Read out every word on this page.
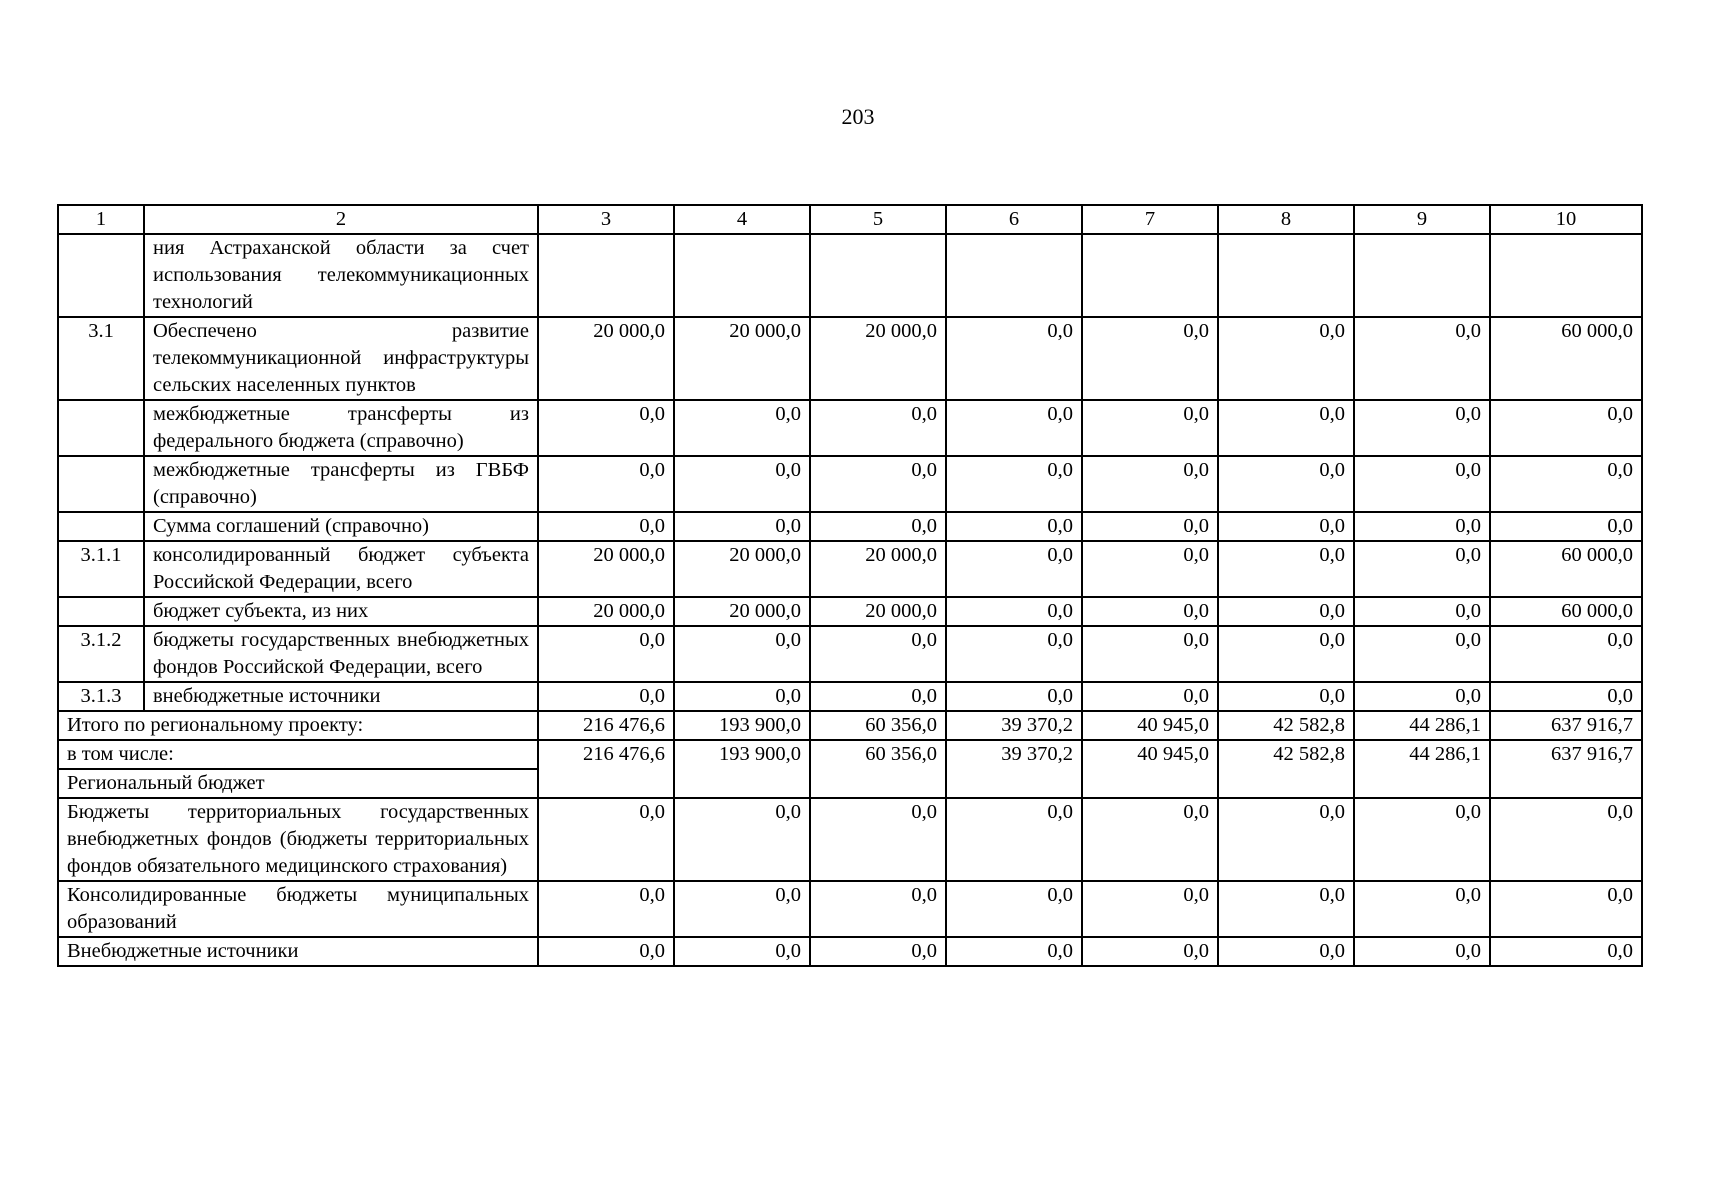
203
1	2	3	4	5	6	7	8	9	10
	ния Астраханской области за счет использования телекоммуникационных технологий								
3.1	Обеспечено развитие телекоммуникационной инфраструктуры сельских населенных пунктов	20 000,0	20 000,0	20 000,0	0,0	0,0	0,0	0,0	60 000,0
	межбюджетные трансферты из федерального бюджета (справочно)	0,0	0,0	0,0	0,0	0,0	0,0	0,0	0,0
	межбюджетные трансферты из ГВБФ (справочно)	0,0	0,0	0,0	0,0	0,0	0,0	0,0	0,0
	Сумма соглашений (справочно)	0,0	0,0	0,0	0,0	0,0	0,0	0,0	0,0
3.1.1	консолидированный бюджет субъекта Российской Федерации, всего	20 000,0	20 000,0	20 000,0	0,0	0,0	0,0	0,0	60 000,0
	бюджет субъекта, из них	20 000,0	20 000,0	20 000,0	0,0	0,0	0,0	0,0	60 000,0
3.1.2	бюджеты государственных внебюджетных фондов Российской Федерации, всего	0,0	0,0	0,0	0,0	0,0	0,0	0,0	0,0
3.1.3	внебюджетные источники	0,0	0,0	0,0	0,0	0,0	0,0	0,0	0,0
Итого по региональному проекту:		216 476,6	193 900,0	60 356,0	39 370,2	40 945,0	42 582,8	44 286,1	637 916,7
в том числе:		216 476,6	193 900,0	60 356,0	39 370,2	40 945,0	42 582,8	44 286,1	637 916,7
Региональный бюджет									
Бюджеты территориальных государственных внебюджетных фондов (бюджеты территориальных фондов обязательного медицинского страхования)		0,0	0,0	0,0	0,0	0,0	0,0	0,0	0,0
Консолидированные бюджеты муниципальных образований		0,0	0,0	0,0	0,0	0,0	0,0	0,0	0,0
Внебюджетные источники		0,0	0,0	0,0	0,0	0,0	0,0	0,0	0,0
